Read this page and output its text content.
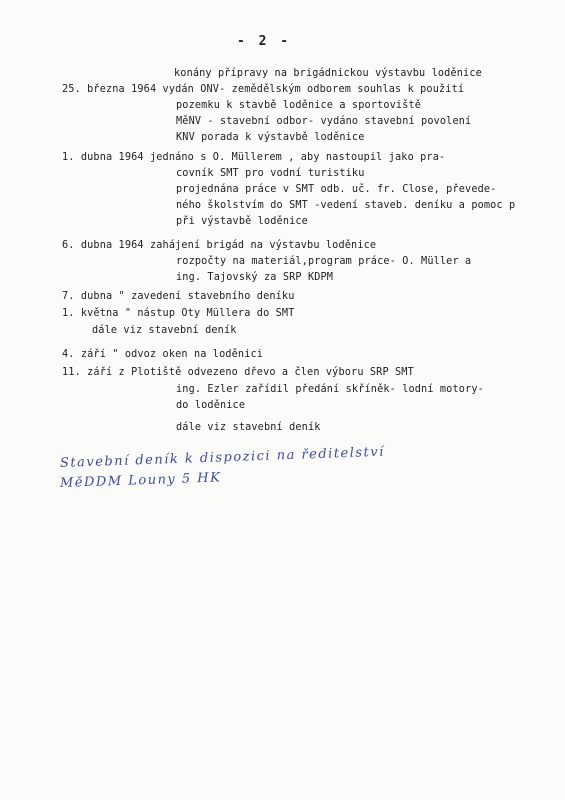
- 2 -
konány přípravy na brigádnickou výstavbu loděnice
25. března 1964 vydán ONV- zemědělským odborem souhlas k použití
pozemku k stavbě loděnice a sportoviště
MěNV - stavební odbor- vydáno stavební povolení
KNV porada k výstavbě loděnice
1. dubna 1964 jednáno s O. Müllerem , aby nastoupil jako pra-
covník SMT pro vodní turistiku
projednána práce v SMT odb. uč. fr. Close, převede-
ného školstvím do SMT -vedení staveb. deníku a pomoc p
při výstavbě loděnice
6. dubna 1964 zahájení brigád na výstavbu loděnice
rozpočty na materiál,program práce- O. Müller a
ing. Tajovský za SRP KDPM
7. dubna " zavedení stavebního deníku
1. května " nástup Oty Müllera do SMT
dále viz stavební deník
4. září " odvoz oken na loděnici
11. září z Plotiště odvezeno dřevo a člen výboru SRP SMT
ing. Ezler zařídil předání skříněk- lodní motory-
do loděnice
dále viz stavební deník
Stavební deník k dispozici na ředitelství
MěDDM Louny 5 HK
